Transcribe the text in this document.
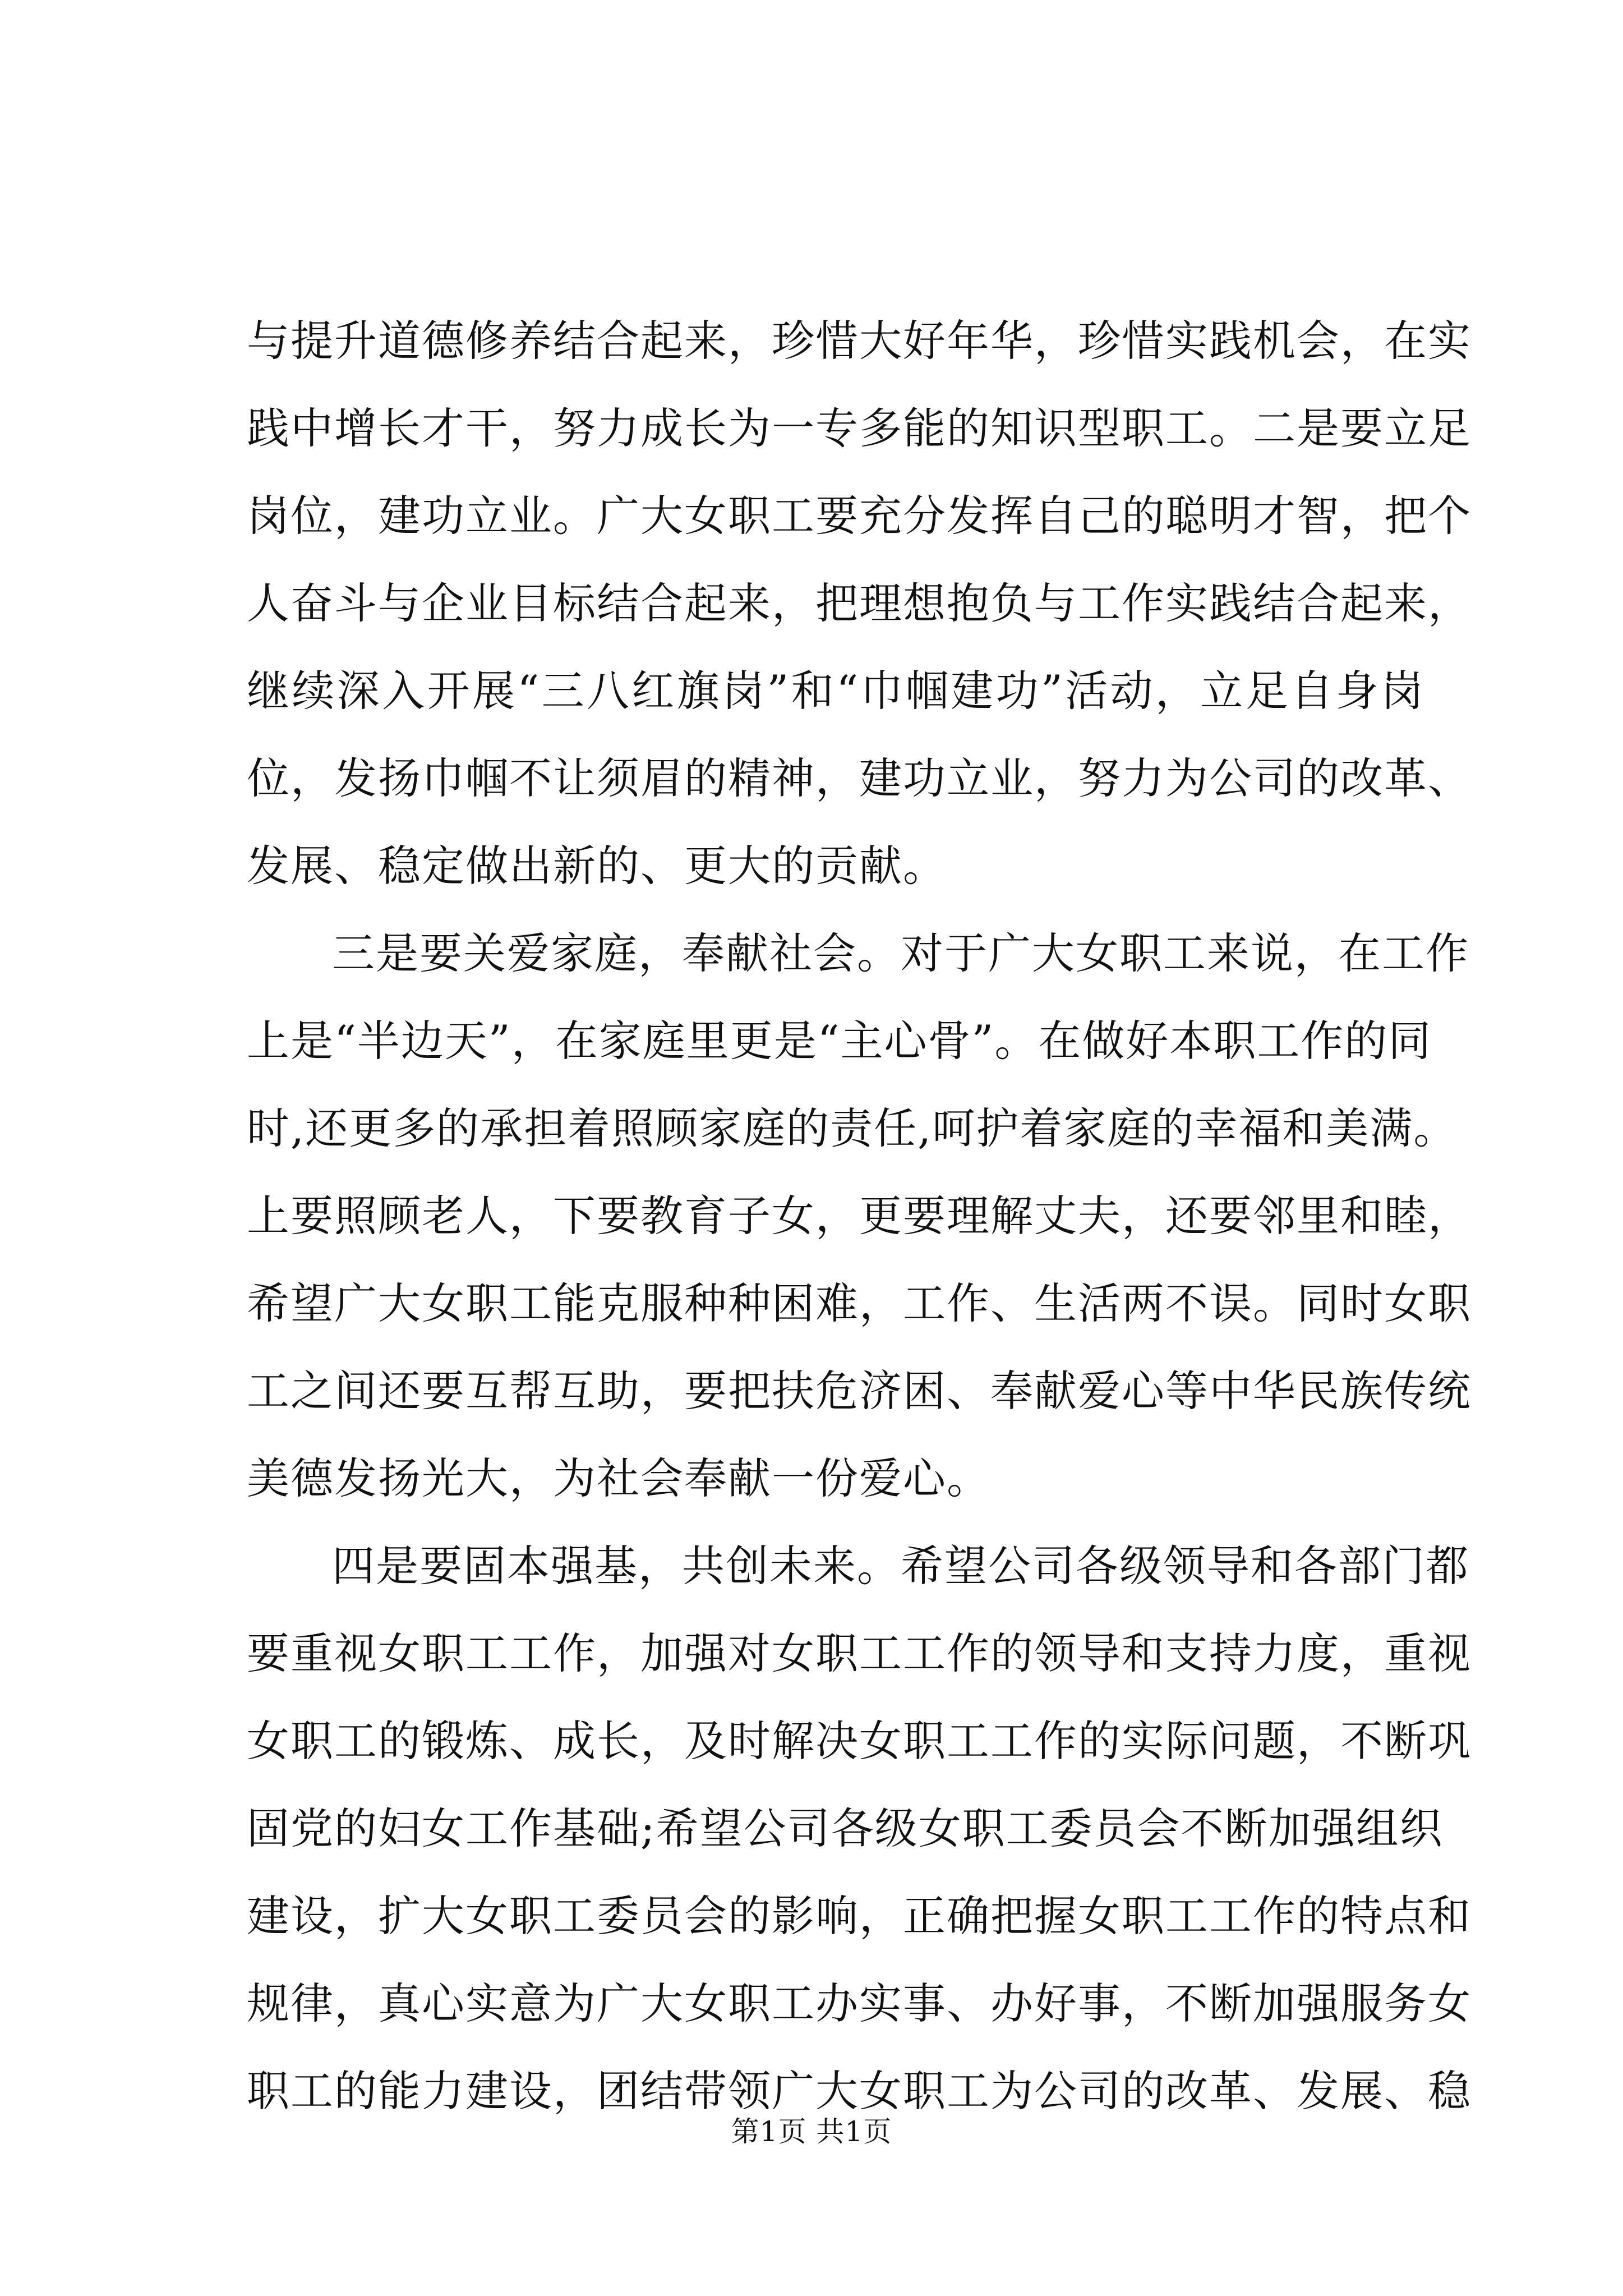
与提升道德修养结合起来，珍惜大好年华，珍惜实践机会，在实
践中增长才干，努力成长为一专多能的知识型职工。二是要立足
岗位，建功立业。广大女职工要充分发挥自己的聪明才智，把个
人奋斗与企业目标结合起来，把理想抱负与工作实践结合起来，
继续深入开展“三八红旗岗”和“巾帼建功”活动，立足自身岗
位，发扬巾帼不让须眉的精神，建功立业，努力为公司的改革、
发展、稳定做出新的、更大的贡献。
三是要关爱家庭，奉献社会。对于广大女职工来说，在工作
上是“半边天”，在家庭里更是“主心骨”。在做好本职工作的同
时,还更多的承担着照顾家庭的责任,呵护着家庭的幸福和美满。
上要照顾老人，下要教育子女，更要理解丈夫，还要邻里和睦，
希望广大女职工能克服种种困难，工作、生活两不误。同时女职
工之间还要互帮互助，要把扶危济困、奉献爱心等中华民族传统
美德发扬光大，为社会奉献一份爱心。
四是要固本强基，共创未来。希望公司各级领导和各部门都
要重视女职工工作，加强对女职工工作的领导和支持力度，重视
女职工的锻炼、成长，及时解决女职工工作的实际问题，不断巩
固党的妇女工作基础;希望公司各级女职工委员会不断加强组织
建设，扩大女职工委员会的影响，正确把握女职工工作的特点和
规律，真心实意为广大女职工办实事、办好事，不断加强服务女
职工的能力建设，团结带领广大女职工为公司的改革、发展、稳
第1页 共1页
